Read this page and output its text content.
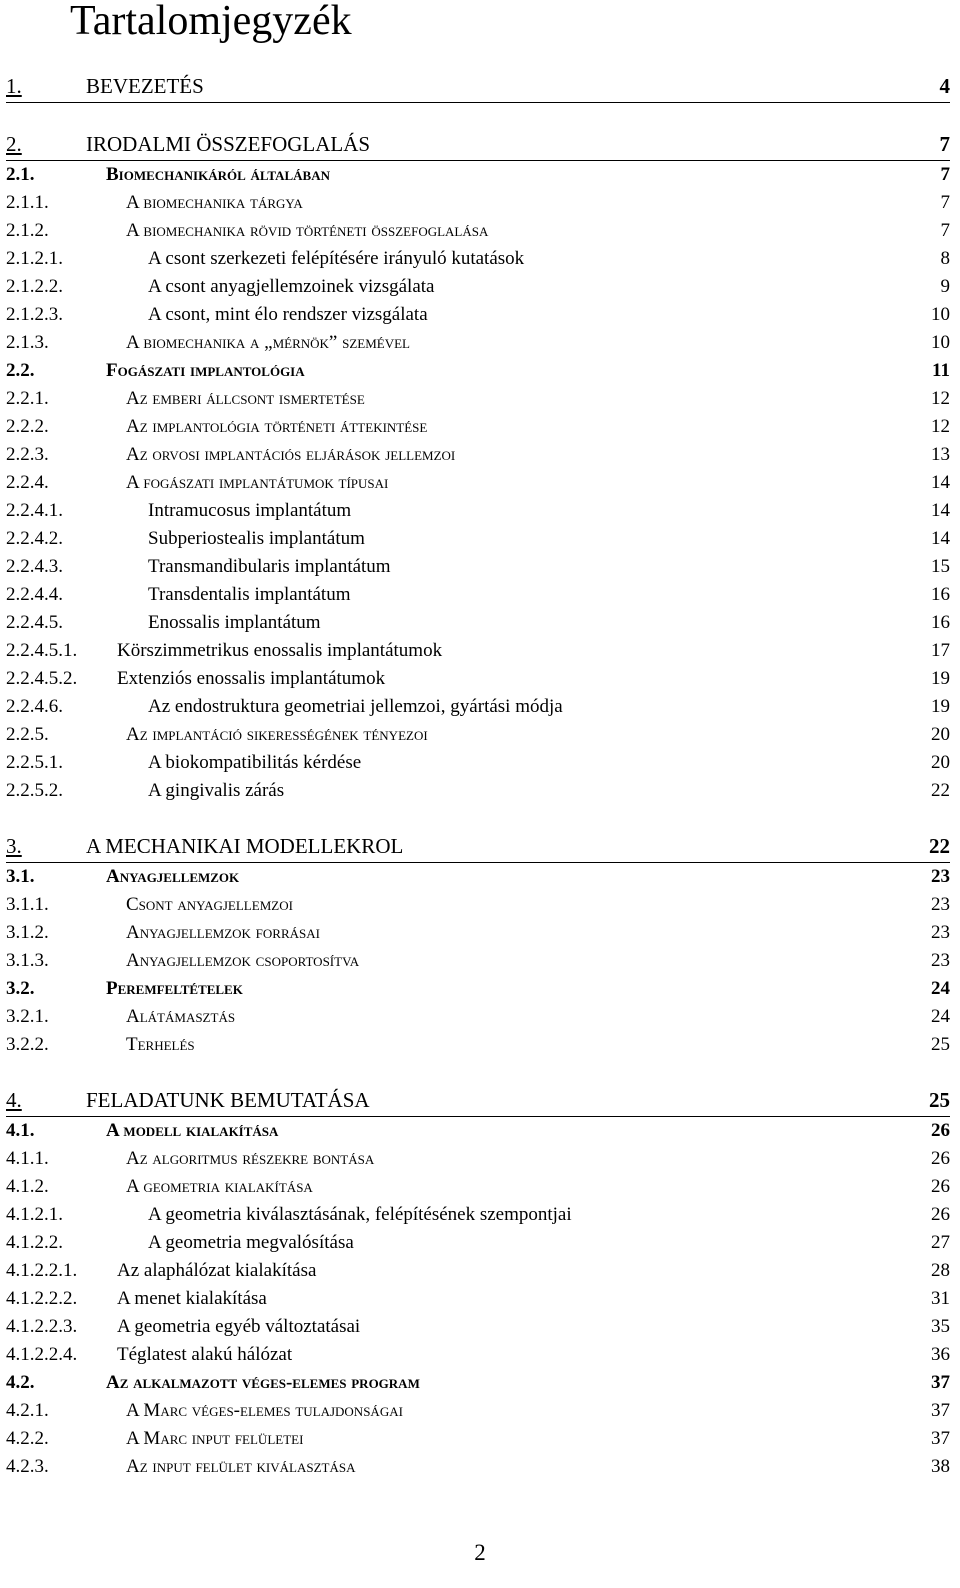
Tartalomjegyzék
1.	BEVEZETÉS	4
2.	IRODALMI ÖSSZEFOGLALÁS	7
2.1.	Biomechanikáról általában	7
2.1.1.	A biomechanika tárgya	7
2.1.2.	A biomechanika rövid történeti összefoglalása	7
2.1.2.1.	A csont szerkezeti felépítésére irányuló kutatások	8
2.1.2.2.	A csont anyagjellemzoinek vizsgálata	9
2.1.2.3.	A csont, mint élo rendszer vizsgálata	10
2.1.3.	A biomechanika a „mérnök” szemével	10
2.2.	Fogászati implantológia	11
2.2.1.	Az emberi állcsont ismertetése	12
2.2.2.	Az implantológia történeti áttekintése	12
2.2.3.	Az orvosi implantációs eljárások jellemzoi	13
2.2.4.	A fogászati implantátumok típusai	14
2.2.4.1.	Intramucosus implantátum	14
2.2.4.2.	Subperiostealis implantátum	14
2.2.4.3.	Transmandibularis implantátum	15
2.2.4.4.	Transdentalis implantátum	16
2.2.4.5.	Enossalis implantátum	16
2.2.4.5.1. Körszimmetrikus enossalis implantátumok	17
2.2.4.5.2. Extenziós enossalis implantátumok	19
2.2.4.6.	Az endostruktura geometriai jellemzoi, gyártási módja	19
2.2.5.	Az implantáció sikerességének tényezoi	20
2.2.5.1.	A biokompatibilitás kérdése	20
2.2.5.2.	A gingivalis zárás	22
3.	A MECHANIKAI MODELLEKROL	22
3.1.	Anyagjellemzok	23
3.1.1.	Csont anyagjellemzoi	23
3.1.2.	Anyagjellemzok forrásai	23
3.1.3.	Anyagjellemzok csoportosítva	23
3.2.	Peremfeltételek	24
3.2.1.	Alátámasztás	24
3.2.2.	Terhelés	25
4.	FELADATUNK BEMUTATÁSA	25
4.1.	A modell kialakítása	26
4.1.1.	Az algoritmus részekre bontása	26
4.1.2.	A geometria kialakítása	26
4.1.2.1.	A geometria kiválasztásának, felépítésének szempontjai	26
4.1.2.2.	A geometria megvalósítása	27
4.1.2.2.1. Az alaphálózat kialakítása	28
4.1.2.2.2. A menet kialakítása	31
4.1.2.2.3. A geometria egyéb változtatásai	35
4.1.2.2.4. Téglatest alakú hálózat	36
4.2.	Az alkalmazott véges-elemes program	37
4.2.1.	A Marc véges-elemes tulajdonságai	37
4.2.2.	A Marc input felületei	37
4.2.3.	Az input felület kiválasztása	38
2
